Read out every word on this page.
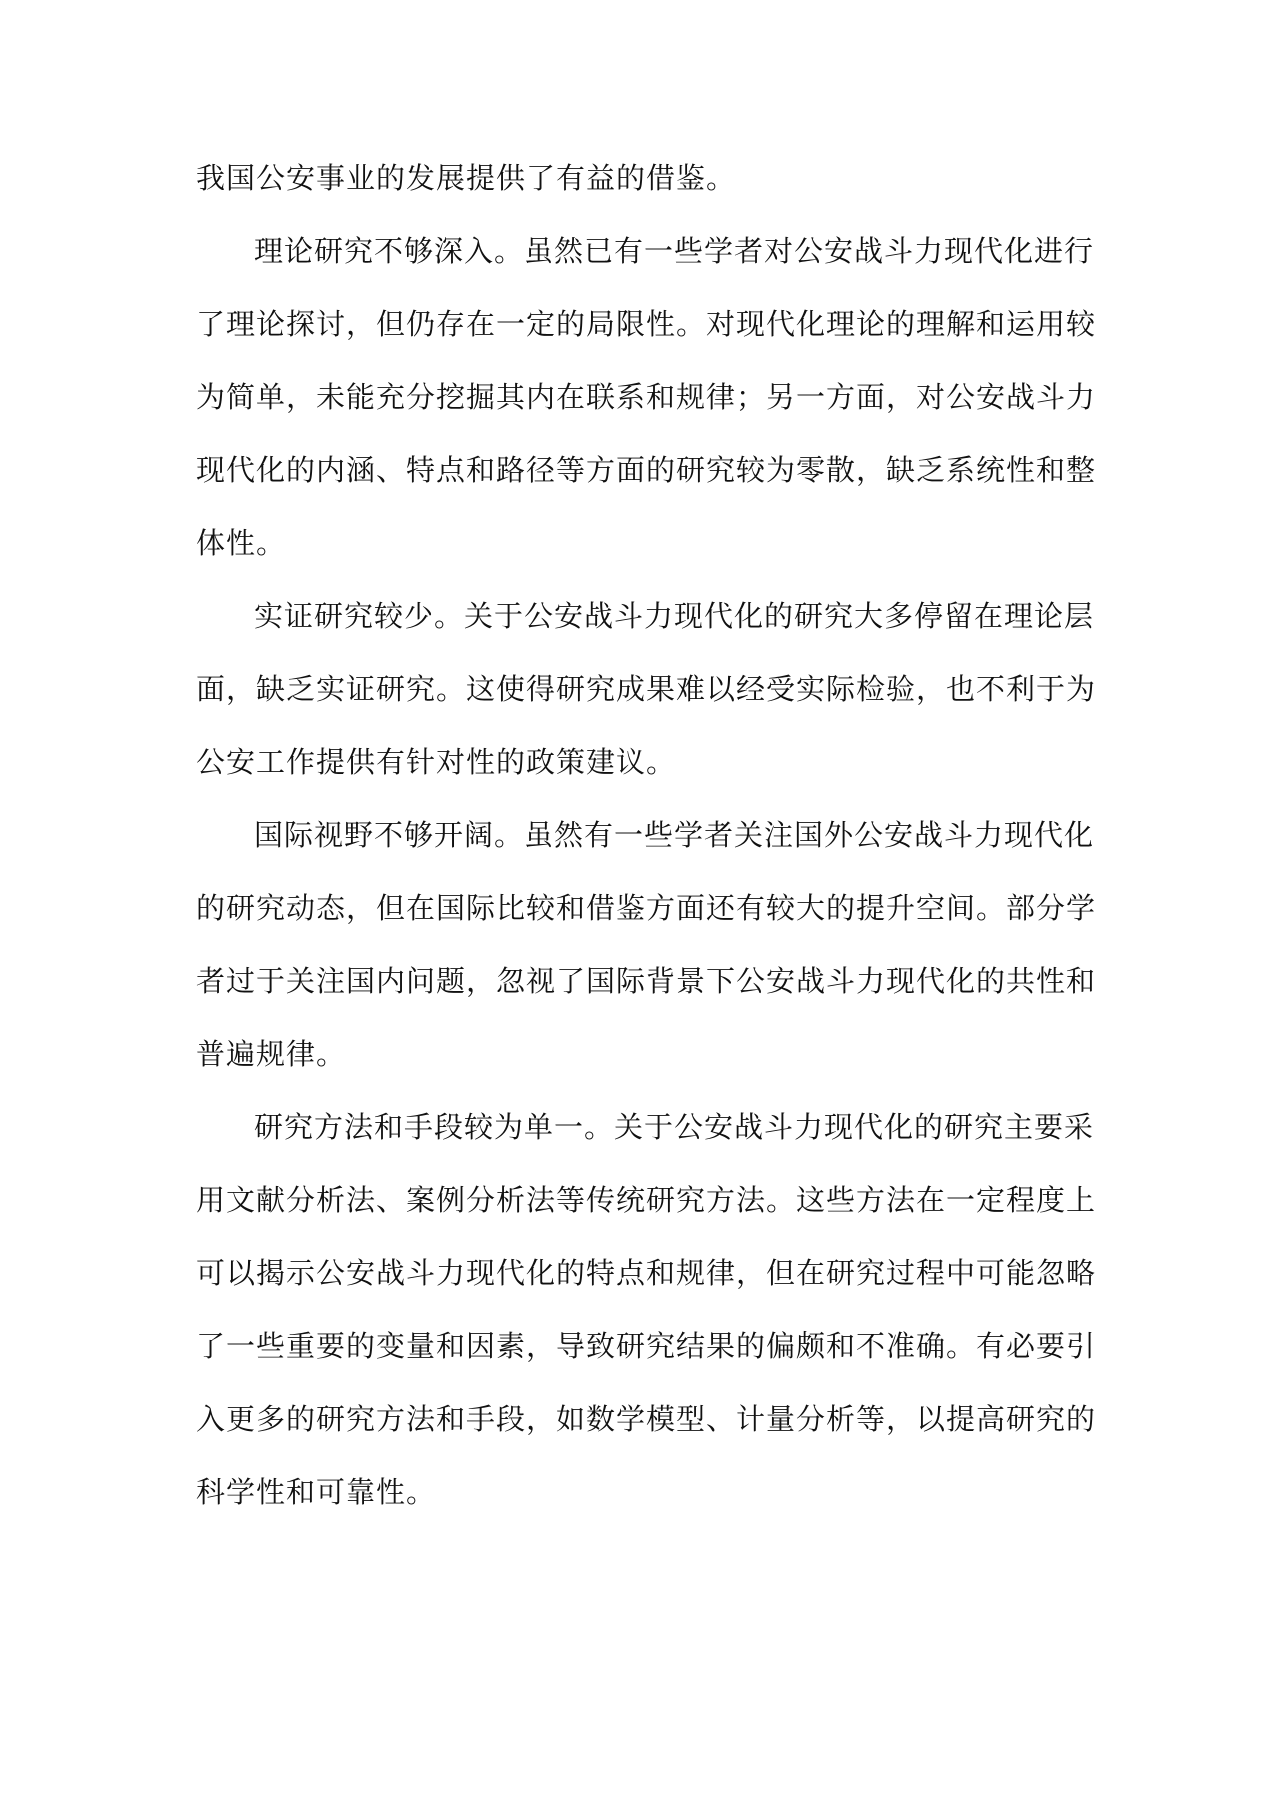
我国公安事业的发展提供了有益的借鉴。
理论研究不够深入。虽然已有一些学者对公安战斗力现代化进行
了理论探讨，但仍存在一定的局限性。对现代化理论的理解和运用较
为简单，未能充分挖掘其内在联系和规律；另一方面，对公安战斗力
现代化的内涵、特点和路径等方面的研究较为零散，缺乏系统性和整
体性。
实证研究较少。关于公安战斗力现代化的研究大多停留在理论层
面，缺乏实证研究。这使得研究成果难以经受实际检验，也不利于为
公安工作提供有针对性的政策建议。
国际视野不够开阔。虽然有一些学者关注国外公安战斗力现代化
的研究动态，但在国际比较和借鉴方面还有较大的提升空间。部分学
者过于关注国内问题，忽视了国际背景下公安战斗力现代化的共性和
普遍规律。
研究方法和手段较为单一。关于公安战斗力现代化的研究主要采
用文献分析法、案例分析法等传统研究方法。这些方法在一定程度上
可以揭示公安战斗力现代化的特点和规律，但在研究过程中可能忽略
了一些重要的变量和因素，导致研究结果的偏颇和不准确。有必要引
入更多的研究方法和手段，如数学模型、计量分析等，以提高研究的
科学性和可靠性。
